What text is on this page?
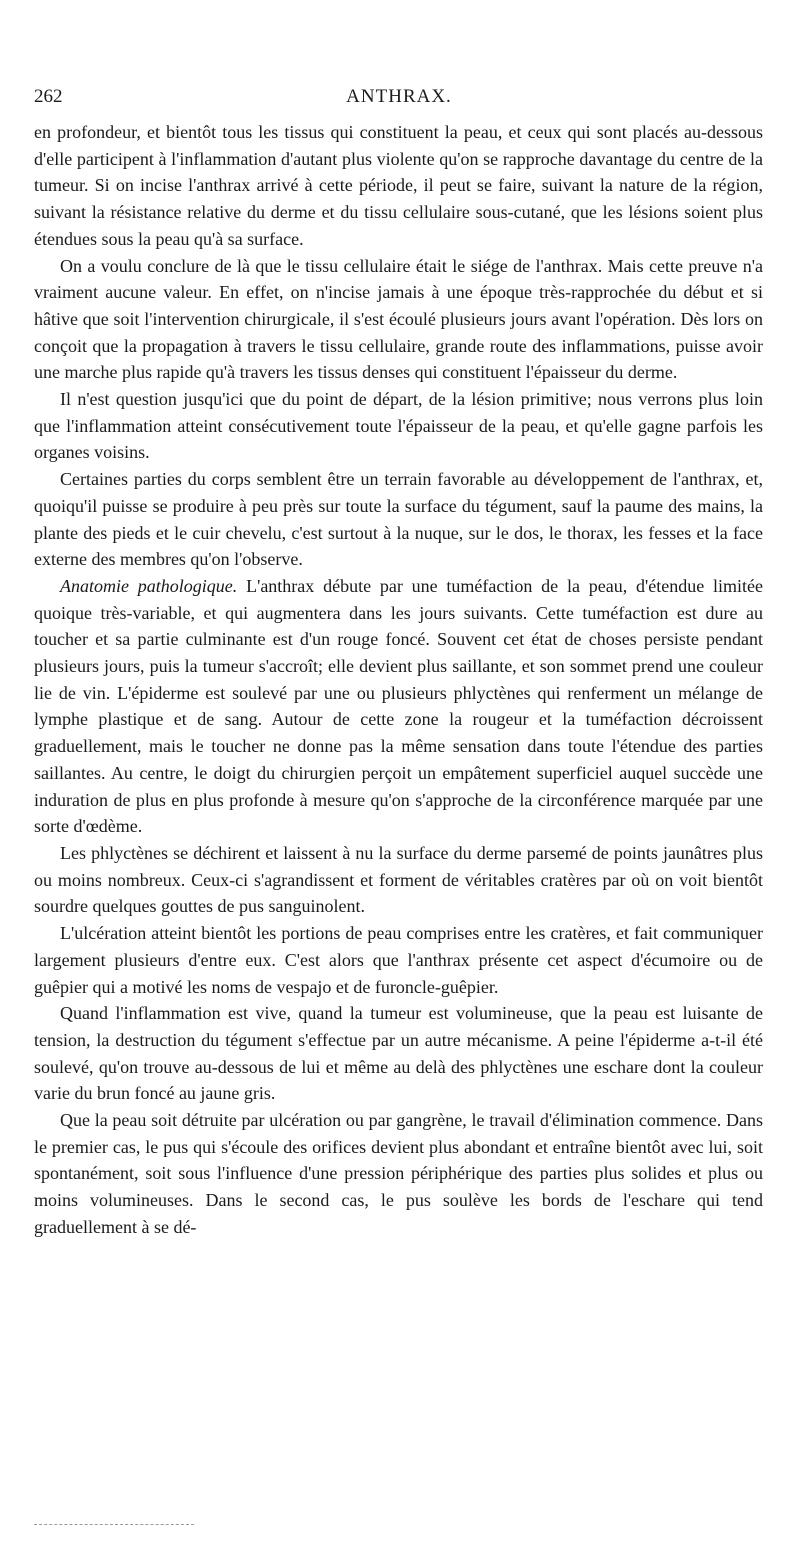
262	ANTHRAX.

en profondeur, et bientôt tous les tissus qui constituent la peau, et ceux qui sont placés au-dessous d'elle participent à l'inflammation d'autant plus violente qu'on se rapproche davantage du centre de la tumeur. Si on incise l'anthrax arrivé à cette période, il peut se faire, suivant la nature de la région, suivant la résistance relative du derme et du tissu cellulaire sous-cutané, que les lésions soient plus étendues sous la peau qu'à sa surface.

On a voulu conclure de là que le tissu cellulaire était le siége de l'anthrax. Mais cette preuve n'a vraiment aucune valeur. En effet, on n'incise jamais à une époque très-rapprochée du début et si hâtive que soit l'intervention chirurgicale, il s'est écoulé plusieurs jours avant l'opération. Dès lors on conçoit que la propagation à travers le tissu cellulaire, grande route des inflammations, puisse avoir une marche plus rapide qu'à travers les tissus denses qui constituent l'épaisseur du derme.

Il n'est question jusqu'ici que du point de départ, de la lésion primitive; nous verrons plus loin que l'inflammation atteint consécutivement toute l'épaisseur de la peau, et qu'elle gagne parfois les organes voisins.

Certaines parties du corps semblent être un terrain favorable au développement de l'anthrax, et, quoiqu'il puisse se produire à peu près sur toute la surface du tégument, sauf la paume des mains, la plante des pieds et le cuir chevelu, c'est surtout à la nuque, sur le dos, le thorax, les fesses et la face externe des membres qu'on l'observe.

Anatomie pathologique. L'anthrax débute par une tuméfaction de la peau, d'étendue limitée quoique très-variable, et qui augmentera dans les jours suivants. Cette tuméfaction est dure au toucher et sa partie culminante est d'un rouge foncé. Souvent cet état de choses persiste pendant plusieurs jours, puis la tumeur s'accroît; elle devient plus saillante, et son sommet prend une couleur lie de vin. L'épiderme est soulevé par une ou plusieurs phlyctènes qui renferment un mélange de lymphe plastique et de sang. Autour de cette zone la rougeur et la tuméfaction décroissent graduellement, mais le toucher ne donne pas la même sensation dans toute l'étendue des parties saillantes. Au centre, le doigt du chirurgien perçoit un empâtement superficiel auquel succède une induration de plus en plus profonde à mesure qu'on s'approche de la circonférence marquée par une sorte d'œdème.

Les phlyctènes se déchirent et laissent à nu la surface du derme parsemé de points jaunâtres plus ou moins nombreux. Ceux-ci s'agrandissent et forment de véritables cratères par où on voit bientôt sourdre quelques gouttes de pus sanguinolent.

L'ulcération atteint bientôt les portions de peau comprises entre les cratères, et fait communiquer largement plusieurs d'entre eux. C'est alors que l'anthrax présente cet aspect d'écumoire ou de guêpier qui a motivé les noms de vespajo et de furoncle-guêpier.

Quand l'inflammation est vive, quand la tumeur est volumineuse, que la peau est luisante de tension, la destruction du tégument s'effectue par un autre mécanisme. A peine l'épiderme a-t-il été soulevé, qu'on trouve au-dessous de lui et même au delà des phlyctènes une eschare dont la couleur varie du brun foncé au jaune gris.

Que la peau soit détruite par ulcération ou par gangrène, le travail d'élimination commence. Dans le premier cas, le pus qui s'écoule des orifices devient plus abondant et entraîne bientôt avec lui, soit spontanément, soit sous l'influence d'une pression périphérique des parties plus solides et plus ou moins volumineuses. Dans le second cas, le pus soulève les bords de l'eschare qui tend graduellement à se dé-
